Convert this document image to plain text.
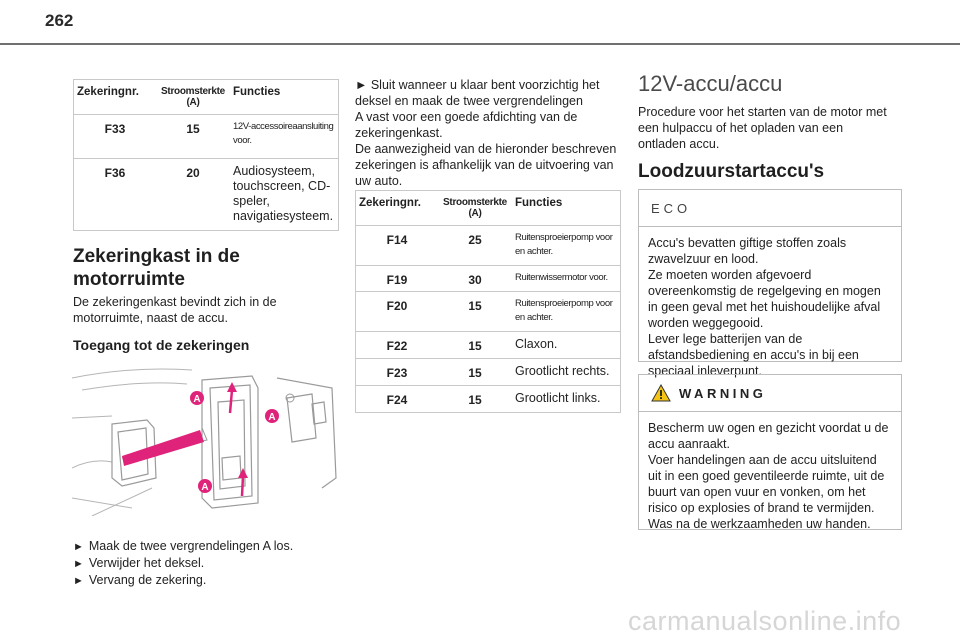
262
Zekeringnr.	Stroomsterkte (A)	Functies
F33	15	12V-accessoireaansluiting voor.
F36	20	Audiosysteem, touchscreen, CD-speler, navigatiesysteem.
Zekeringkast in de motorruimte
De zekeringenkast bevindt zich in de motorruimte, naast de accu.
Toegang tot de zekeringen
A
A
A
► Maak de twee vergrendelingen A los.
► Verwijder het deksel.
► Vervang de zekering.
► Sluit wanneer u klaar bent voorzichtig het deksel en maak de twee vergrendelingen
A vast voor een goede afdichting van de zekeringenkast.
De aanwezigheid van de hieronder beschreven zekeringen is afhankelijk van de uitvoering van uw auto.
Zekeringnr.	Stroomsterkte (A)	Functies
F14	25	Ruitensproeierpomp voor en achter.
F19	30	Ruitenwissermotor voor.
F20	15	Ruitensproeierpomp voor en achter.
F22	15	Claxon.
F23	15	Grootlicht rechts.
F24	15	Grootlicht links.
12V-accu/accu
Procedure voor het starten van de motor met een hulpaccu of het opladen van een ontladen accu.
Loodzuurstartaccu's
ECO
Accu's bevatten giftige stoffen zoals zwavelzuur en lood.
Ze moeten worden afgevoerd overeenkomstig de regelgeving en mogen in geen geval met het huishoudelijke afval worden weggegooid.
Lever lege batterijen van de afstandsbediening en accu's in bij een speciaal inleverpunt.
WARNING
Bescherm uw ogen en gezicht voordat u de accu aanraakt.
Voer handelingen aan de accu uitsluitend uit in een goed geventileerde ruimte, uit de buurt van open vuur en vonken, om het risico op explosies of brand te vermijden.
Was na de werkzaamheden uw handen.
carmanualsonline.info
